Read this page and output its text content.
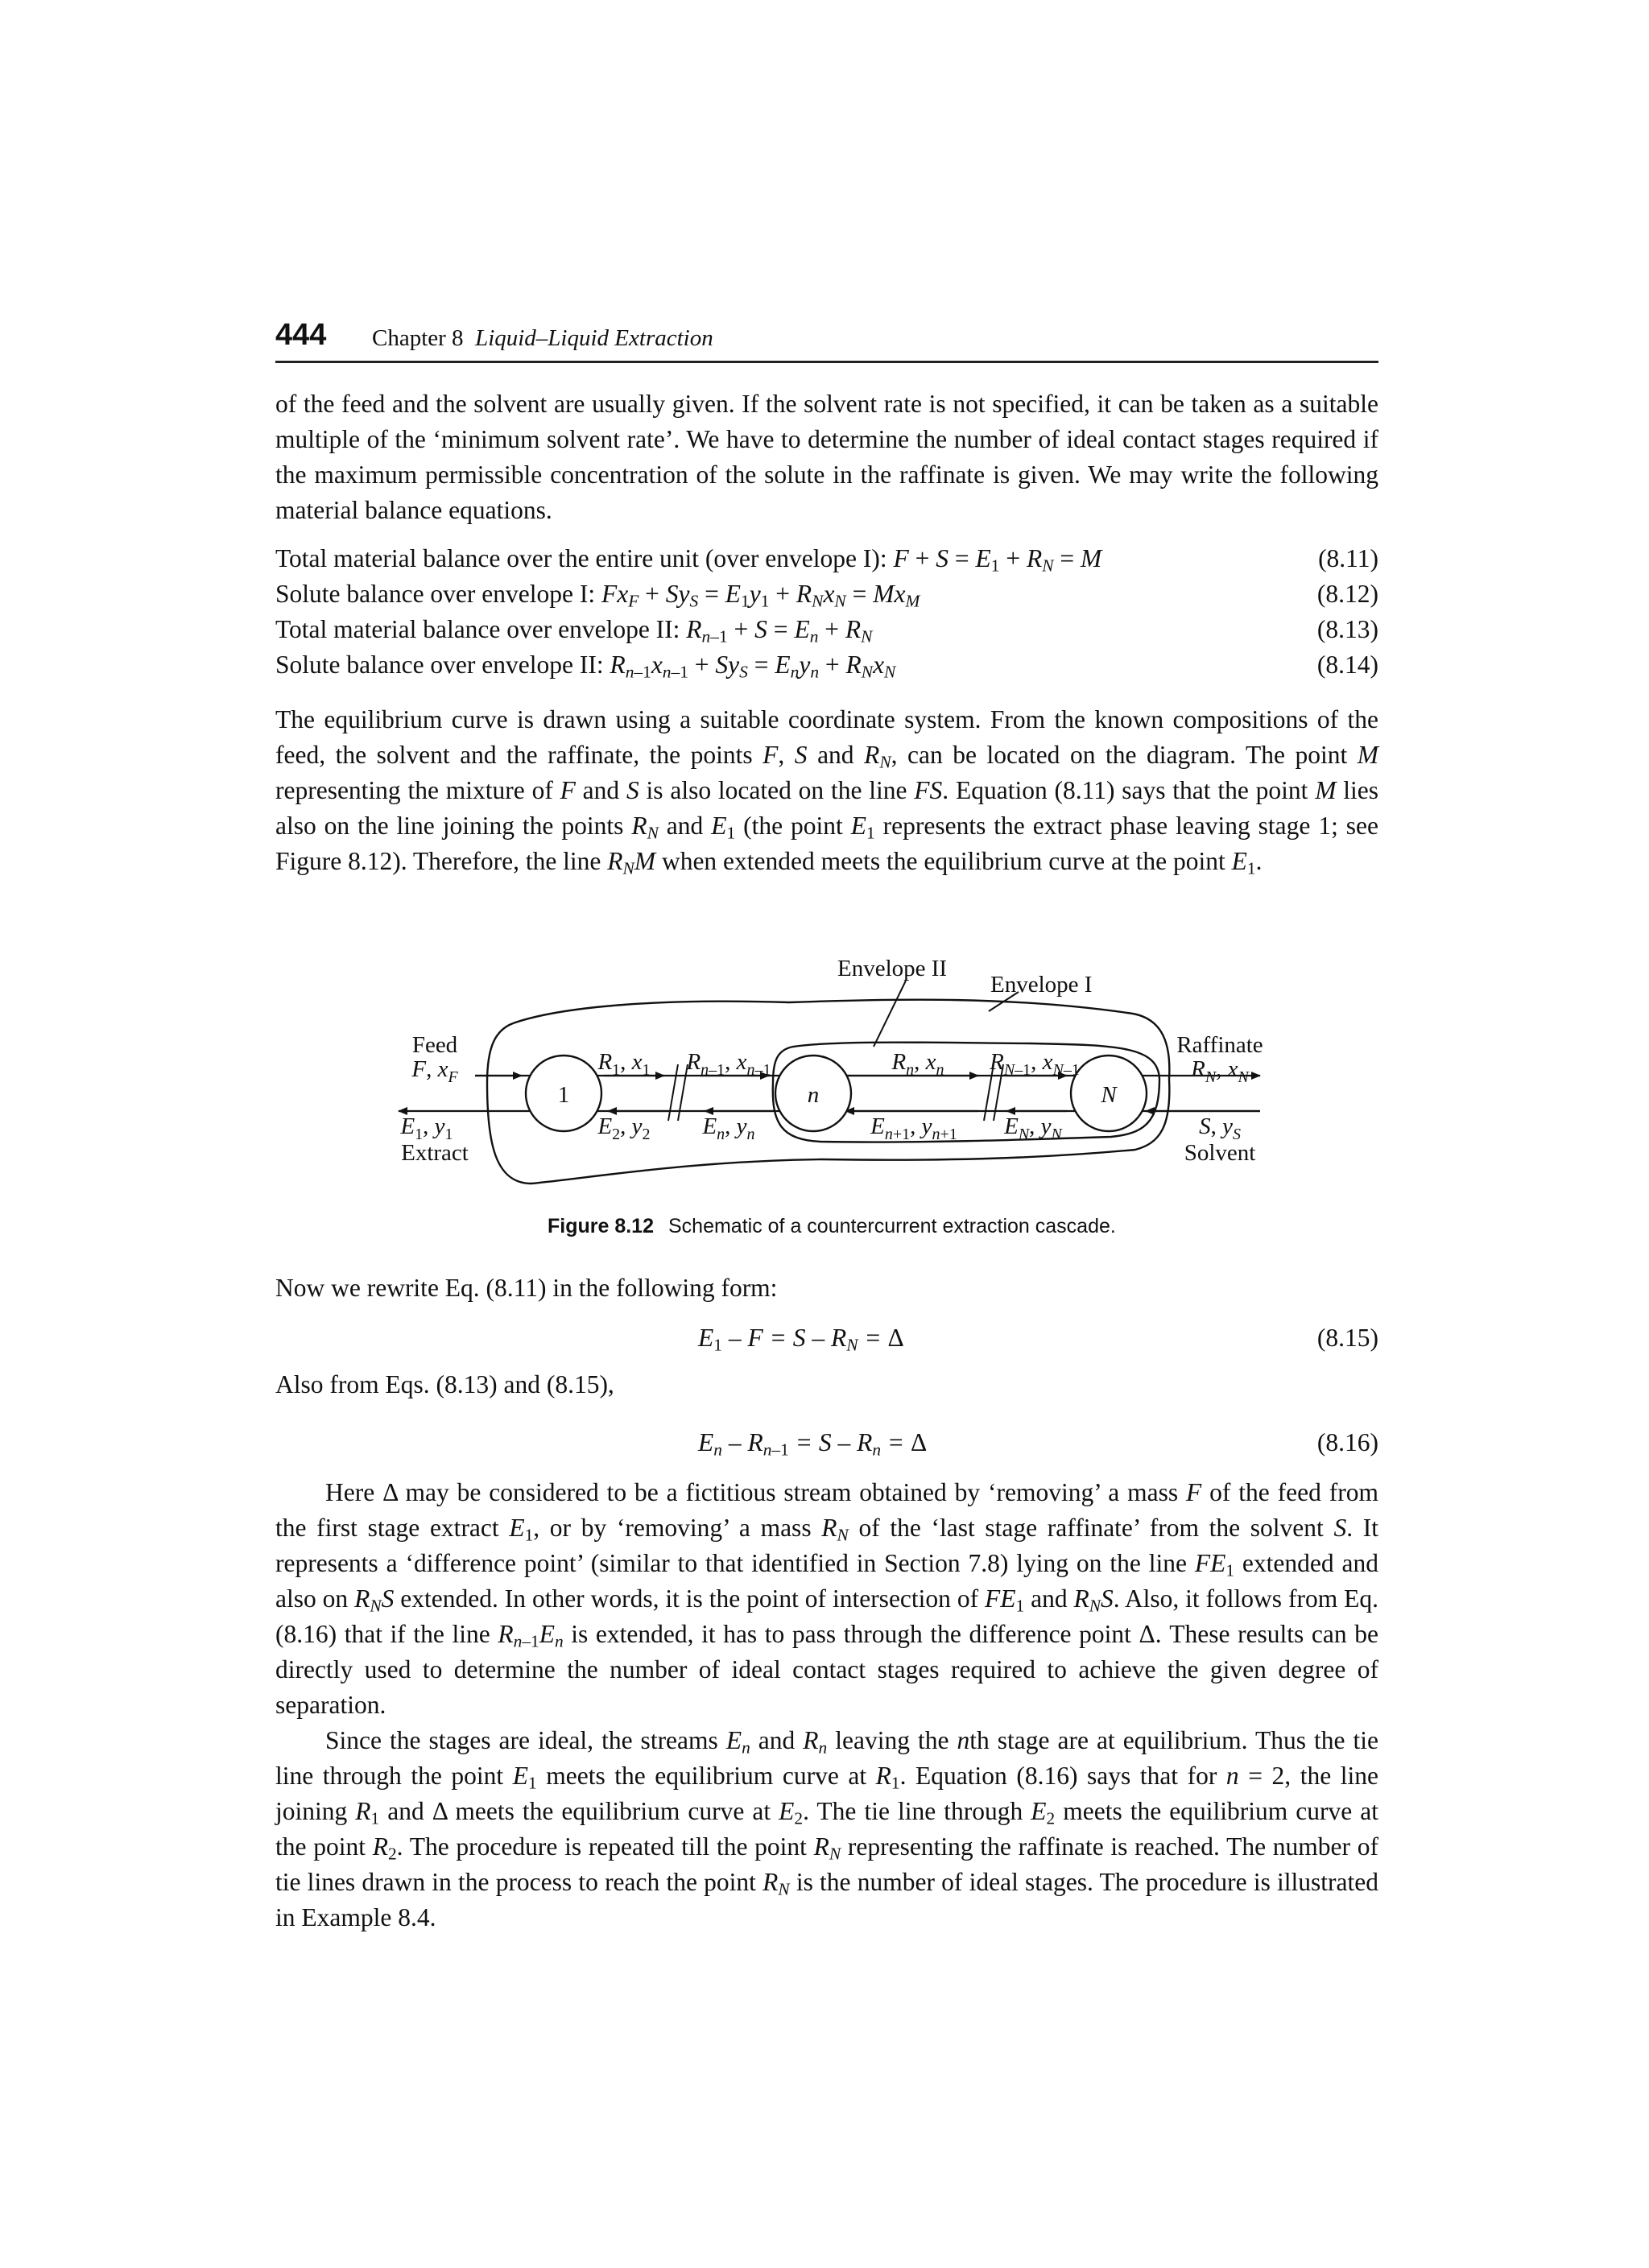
444 Chapter 8 Liquid–Liquid Extraction

of the feed and the solvent are usually given. If the solvent rate is not specified, it can be taken as a suitable multiple of the ‘minimum solvent rate’. We have to determine the number of ideal contact stages required if the maximum permissible concentration of the solute in the raffinate is given. We may write the following material balance equations.

Total material balance over the entire unit (over envelope I): $F + S = E_1 + R_N = M$	(8.11)
Solute balance over envelope I: $Fx_F + Sy_S = E_1y_1 + R_Nx_N = Mx_M$	(8.12)
Total material balance over envelope II: $R_{n-1} + S = E_n + R_N$	(8.13)
Solute balance over envelope II: $R_{n-1}x_{n-1} + Sy_S = E_ny_n + R_Nx_N$	(8.14)

The equilibrium curve is drawn using a suitable coordinate system. From the known compositions of the feed, the solvent and the raffinate, the points F, S and $R_N$, can be located on the diagram. The point M representing the mixture of F and S is also located on the line FS. Equation (8.11) says that the point M lies also on the line joining the points $R_N$ and $E_1$ (the point $E_1$ represents the extract phase leaving stage 1; see Figure 8.12). Therefore, the line $R_NM$ when extended meets the equilibrium curve at the point $E_1$.

Envelope II
Envelope I
1	n	N
Feed
F, $x_F$
$E_1$, $y_1$
Extract
Raffinate
$R_N$, $x_N$
S, $y_S$
Solvent
$R_1$, $x_1$ $R_n-1$, $x_n-1$	$R_n$, $x_n$ $R_N-1$, $x_N-1$
$E_2$, $y_2$ $E_n$, $y_n$	$E_n+1$, $y_n+1$ $E_N$, $y_N$
Figure 8.12 Schematic of a countercurrent extraction cascade.

Now we rewrite Eq. (8.11) in the following form:

$E_1 - F = S - R_N = \Delta$	(8.15)

Also from Eqs. (8.13) and (8.15),

$E_n - R_{n-1} = S - R_n = \Delta$	(8.16)

Here Δ may be considered to be a fictitious stream obtained by ‘removing’ a mass F of the feed from the first stage extract $E_1$, or by ‘removing’ a mass $R_N$ of the ‘last stage raffinate’ from the solvent S. It represents a ‘difference point’ (similar to that identified in Section 7.8) lying on the line $FE_1$ extended and also on $R_NS$ extended. In other words, it is the point of intersection of $FE_1$ and $R_NS$. Also, it follows from Eq. (8.16) that if the line $R_{n-1}E_n$ is extended, it has to pass through the difference point Δ. These results can be directly used to determine the number of ideal contact stages required to achieve the given degree of separation.

Since the stages are ideal, the streams $E_n$ and $R_n$ leaving the nth stage are at equilibrium. Thus the tie line through the point $E_1$ meets the equilibrium curve at $R_1$. Equation (8.16) says that for n = 2, the line joining $R_1$ and Δ meets the equilibrium curve at $E_2$. The tie line through $E_2$ meets the equilibrium curve at the point $R_2$. The procedure is repeated till the point $R_N$ representing the raffinate is reached. The number of tie lines drawn in the process to reach the point $R_N$ is the number of ideal stages. The procedure is illustrated in Example 8.4.
